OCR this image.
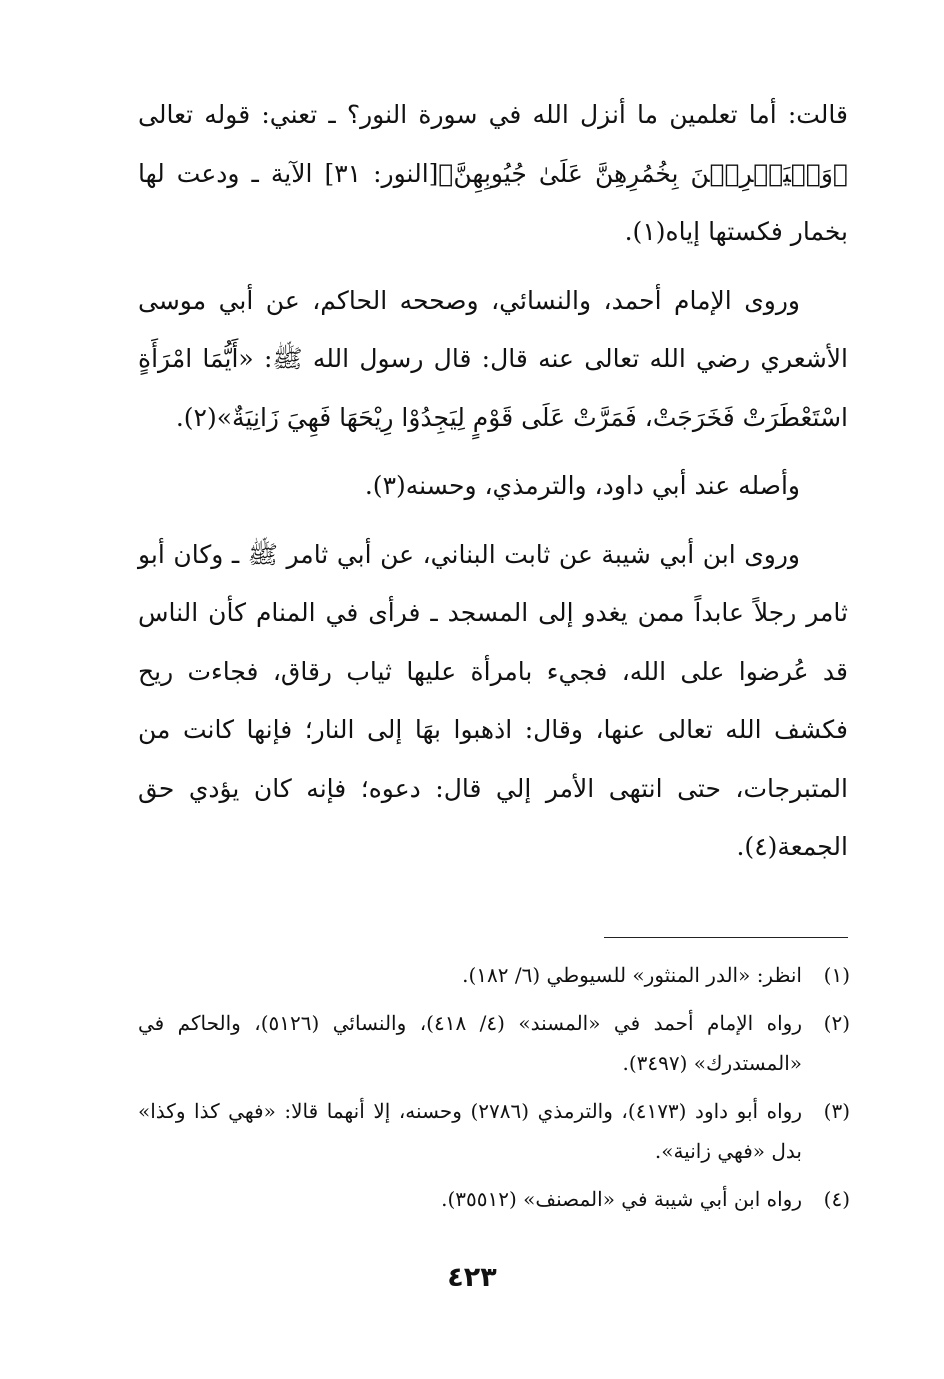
قالت: أما تعلمين ما أنزل الله في سورة النور؟ ـ تعني: قوله تعالى ﴿وَلۡيَضۡرِبۡنَ بِخُمُرِهِنَّ عَلَىٰ جُيُوبِهِنَّ﴾[النور: ٣١] الآية ـ ودعت لها بخمار فكستها إياه(١).

وروى الإمام أحمد، والنسائي، وصححه الحاكم، عن أبي موسى الأشعري رضي الله تعالى عنه قال: قال رسول الله ﷺ: «أَيُّمَا امْرَأَةٍ اسْتَعْطَرَتْ فَخَرَجَتْ، فَمَرَّتْ عَلَى قَوْمٍ لِيَجِدُوْا رِيْحَهَا فَهِيَ زَانِيَةٌ»(٢).

وأصله عند أبي داود، والترمذي، وحسنه(٣).

وروى ابن أبي شيبة عن ثابت البناني، عن أبي ثامر ﷺ ـ وكان أبو ثامر رجلاً عابداً ممن يغدو إلى المسجد ـ فرأى في المنام كأن الناس قد عُرضوا على الله، فجيء بامرأة عليها ثياب رقاق، فجاءت ريح فكشف الله تعالى عنها، وقال: اذهبوا بهَا إلى النار؛ فإنها كانت من المتبرجات، حتى انتهى الأمر إلي قال: دعوه؛ فإنه كان يؤدي حق الجمعة(٤).

(١)
انظر: «الدر المنثور» للسيوطي (٦/ ١٨٢).
(٢)
رواه الإمام أحمد في «المسند» (٤/ ٤١٨)، والنسائي (٥١٢٦)، والحاكم في «المستدرك» (٣٤٩٧).
(٣)
رواه أبو داود (٤١٧٣)، والترمذي (٢٧٨٦) وحسنه، إلا أنهما قالا: «فهي كذا وكذا» بدل «فهي زانية».
(٤)
رواه ابن أبي شيبة في «المصنف» (٣٥٥١٢).
٤٢٣
